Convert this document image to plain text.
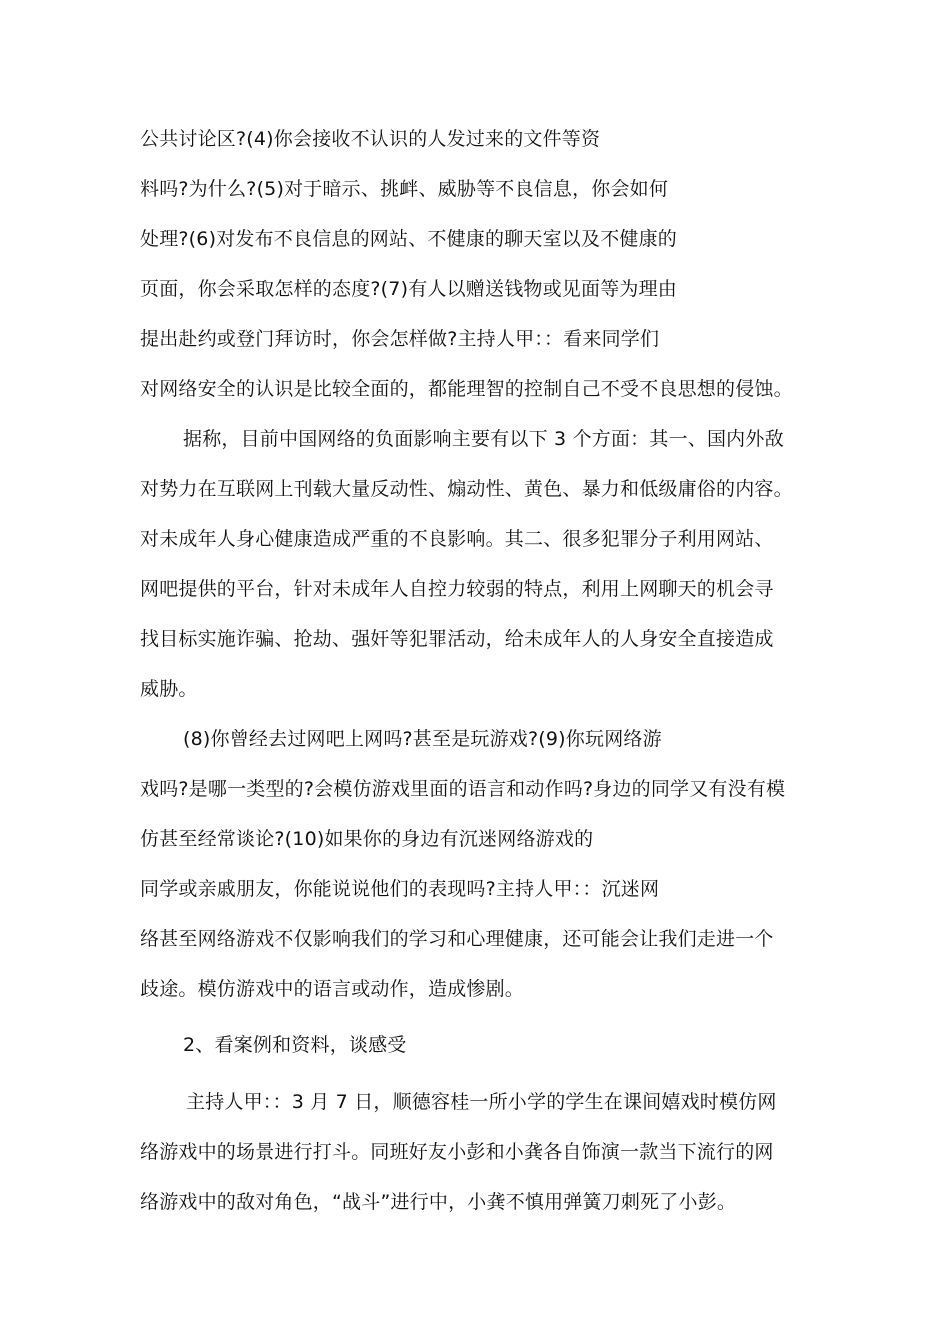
公共讨论区?(4)你会接收不认识的人发过来的文件等资
料吗?为什么?(5)对于暗示、挑衅、威胁等不良信息，你会如何
处理?(6)对发布不良信息的网站、不健康的聊天室以及不健康的
页面，你会采取怎样的态度?(7)有人以赠送钱物或见面等为理由
提出赴约或登门拜访时，你会怎样做?主持人甲：：看来同学们
对网络安全的认识是比较全面的，都能理智的控制自己不受不良思想的侵蚀。
据称，目前中国网络的负面影响主要有以下 3 个方面：其一、国内外敌
对势力在互联网上刊载大量反动性、煽动性、黄色、暴力和低级庸俗的内容。
对未成年人身心健康造成严重的不良影响。其二、很多犯罪分子利用网站、
网吧提供的平台，针对未成年人自控力较弱的特点，利用上网聊天的机会寻
找目标实施诈骗、抢劫、强奸等犯罪活动，给未成年人的人身安全直接造成
威胁。
(8)你曾经去过网吧上网吗?甚至是玩游戏?(9)你玩网络游
戏吗?是哪一类型的?会模仿游戏里面的语言和动作吗?身边的同学又有没有模
仿甚至经常谈论?(10)如果你的身边有沉迷网络游戏的
同学或亲戚朋友，你能说说他们的表现吗?主持人甲：：沉迷网
络甚至网络游戏不仅影响我们的学习和心理健康，还可能会让我们走进一个
歧途。模仿游戏中的语言或动作，造成惨剧。
2、看案例和资料，谈感受
主持人甲：：3 月 7 日，顺德容桂一所小学的学生在课间嬉戏时模仿网
络游戏中的场景进行打斗。同班好友小彭和小龚各自饰演一款当下流行的网
络游戏中的敌对角色，“战斗”进行中，小龚不慎用弹簧刀刺死了小彭。
